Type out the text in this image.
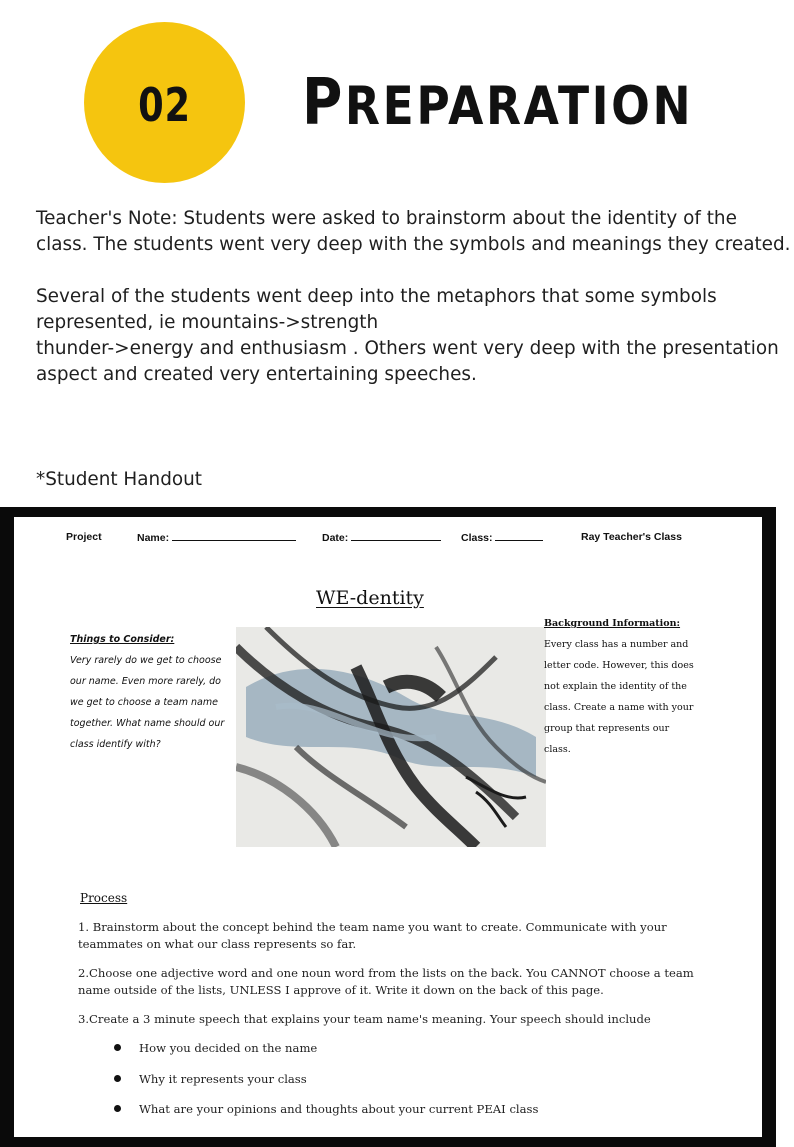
02	PREPARATION

Teacher's Note: Students were asked to brainstorm about the identity of the class. The students went very deep with the symbols and meanings they created.

Several of the students went deep into the metaphors that some symbols represented, ie mountains->strength
thunder->energy and enthusiasm . Others went very deep with the presentation aspect and created very entertaining speeches.

*Student Handout
Project	Name:	Date:	Class:	Ray Teacher's Class
WE-dentity
Things to Consider:
Very rarely do we get to choose our name. Even more rarely, do we get to choose a team name together. What name should our class identify with?
Background Information:
Every class has a number and letter code. However, this does not explain the identity of the class. Create a name with your group that represents our class.
Process
1. Brainstorm about the concept behind the team name you want to create. Communicate with your teammates on what our class represents so far.
2.Choose one adjective word and one noun word from the lists on the back. You CANNOT choose a team name outside of the lists, UNLESS I approve of it. Write it down on the back of this page.
3.Create a 3 minute speech that explains your team name's meaning. Your speech should include
How you decided on the name
Why it represents your class
What are your opinions and thoughts about your current PEAI class
